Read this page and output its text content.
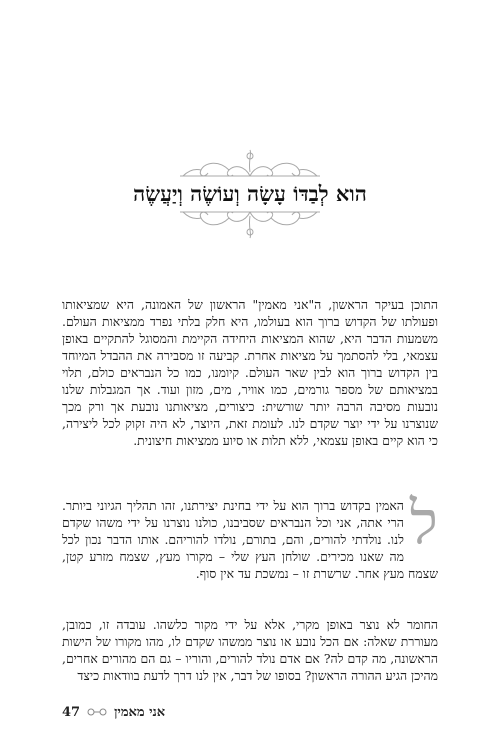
הוא לְבַדּוֹ עָשָׂה וְעוֹשֶׂה וְיַעֲשֶׂה

התוכן בעיקר הראשון, ה"אני מאמין" הראשון של האמונה, היא שמציאותו ופעולתו של הקדוש ברוך הוא בעולמו, היא חלק בלתי נפרד ממציאות העולם. משמעות הדבר היא, שהוא המציאות היחידה הקיימת והמסוגל להתקיים באופן עצמאי, בלי להסתמך על מציאות אחרת. קביעה זו מסבירה את ההבדל המיוחד בין הקדוש ברוך הוא לבין שאר העולם. קיומנו, כמו כל הנבראים כולם, תלוי במציאותם של מספר גורמים, כמו אוויר, מים, מזון ועוד. אך המגבלות שלנו נובעות מסיבה הרבה יותר שורשית: כיצורים, מציאותנו נובעת אך ורק מכך שנוצרנו על ידי יוצר שקדם לנו. לעומת זאת, היוצר, לא היה זקוק לכל ליצירה, כי הוא קיים באופן עצמאי, ללא תלות או סיוע ממציאות חיצונית.

ל
האמין בקדוש ברוך הוא על ידי בחינת יצירתנו, זהו תהליך הגיוני ביותר. הרי אתה, אני וכל הנבראים שסביבנו, כולנו נוצרנו על ידי משהו שקדם לנו. נולדתי להורים, והם, בתורם, נולדו להוריהם. אותו הדבר נכון לכל מה שאנו מכירים. שולחן העץ שלי – מקורו מעץ, שצמח מזרע קטן, שצמח מעץ אחר. שרשרת זו – נמשכת עד אין סוף.

החומר לא נוצר באופן מקרי, אלא על ידי מקור כלשהו. עובדה זו, כמובן, מעוררת שאלה: אם הכל נובע או נוצר ממשהו שקדם לו, מהו מקורו של הישות הראשונה, מה קדם לה? אם אדם נולד להורים, והוריו – גם הם מהורים אחרים, מהיכן הגיע ההורה הראשון? בסופו של דבר, אין לנו דרך לדעת בוודאות כיצד

אני מאמין
47
